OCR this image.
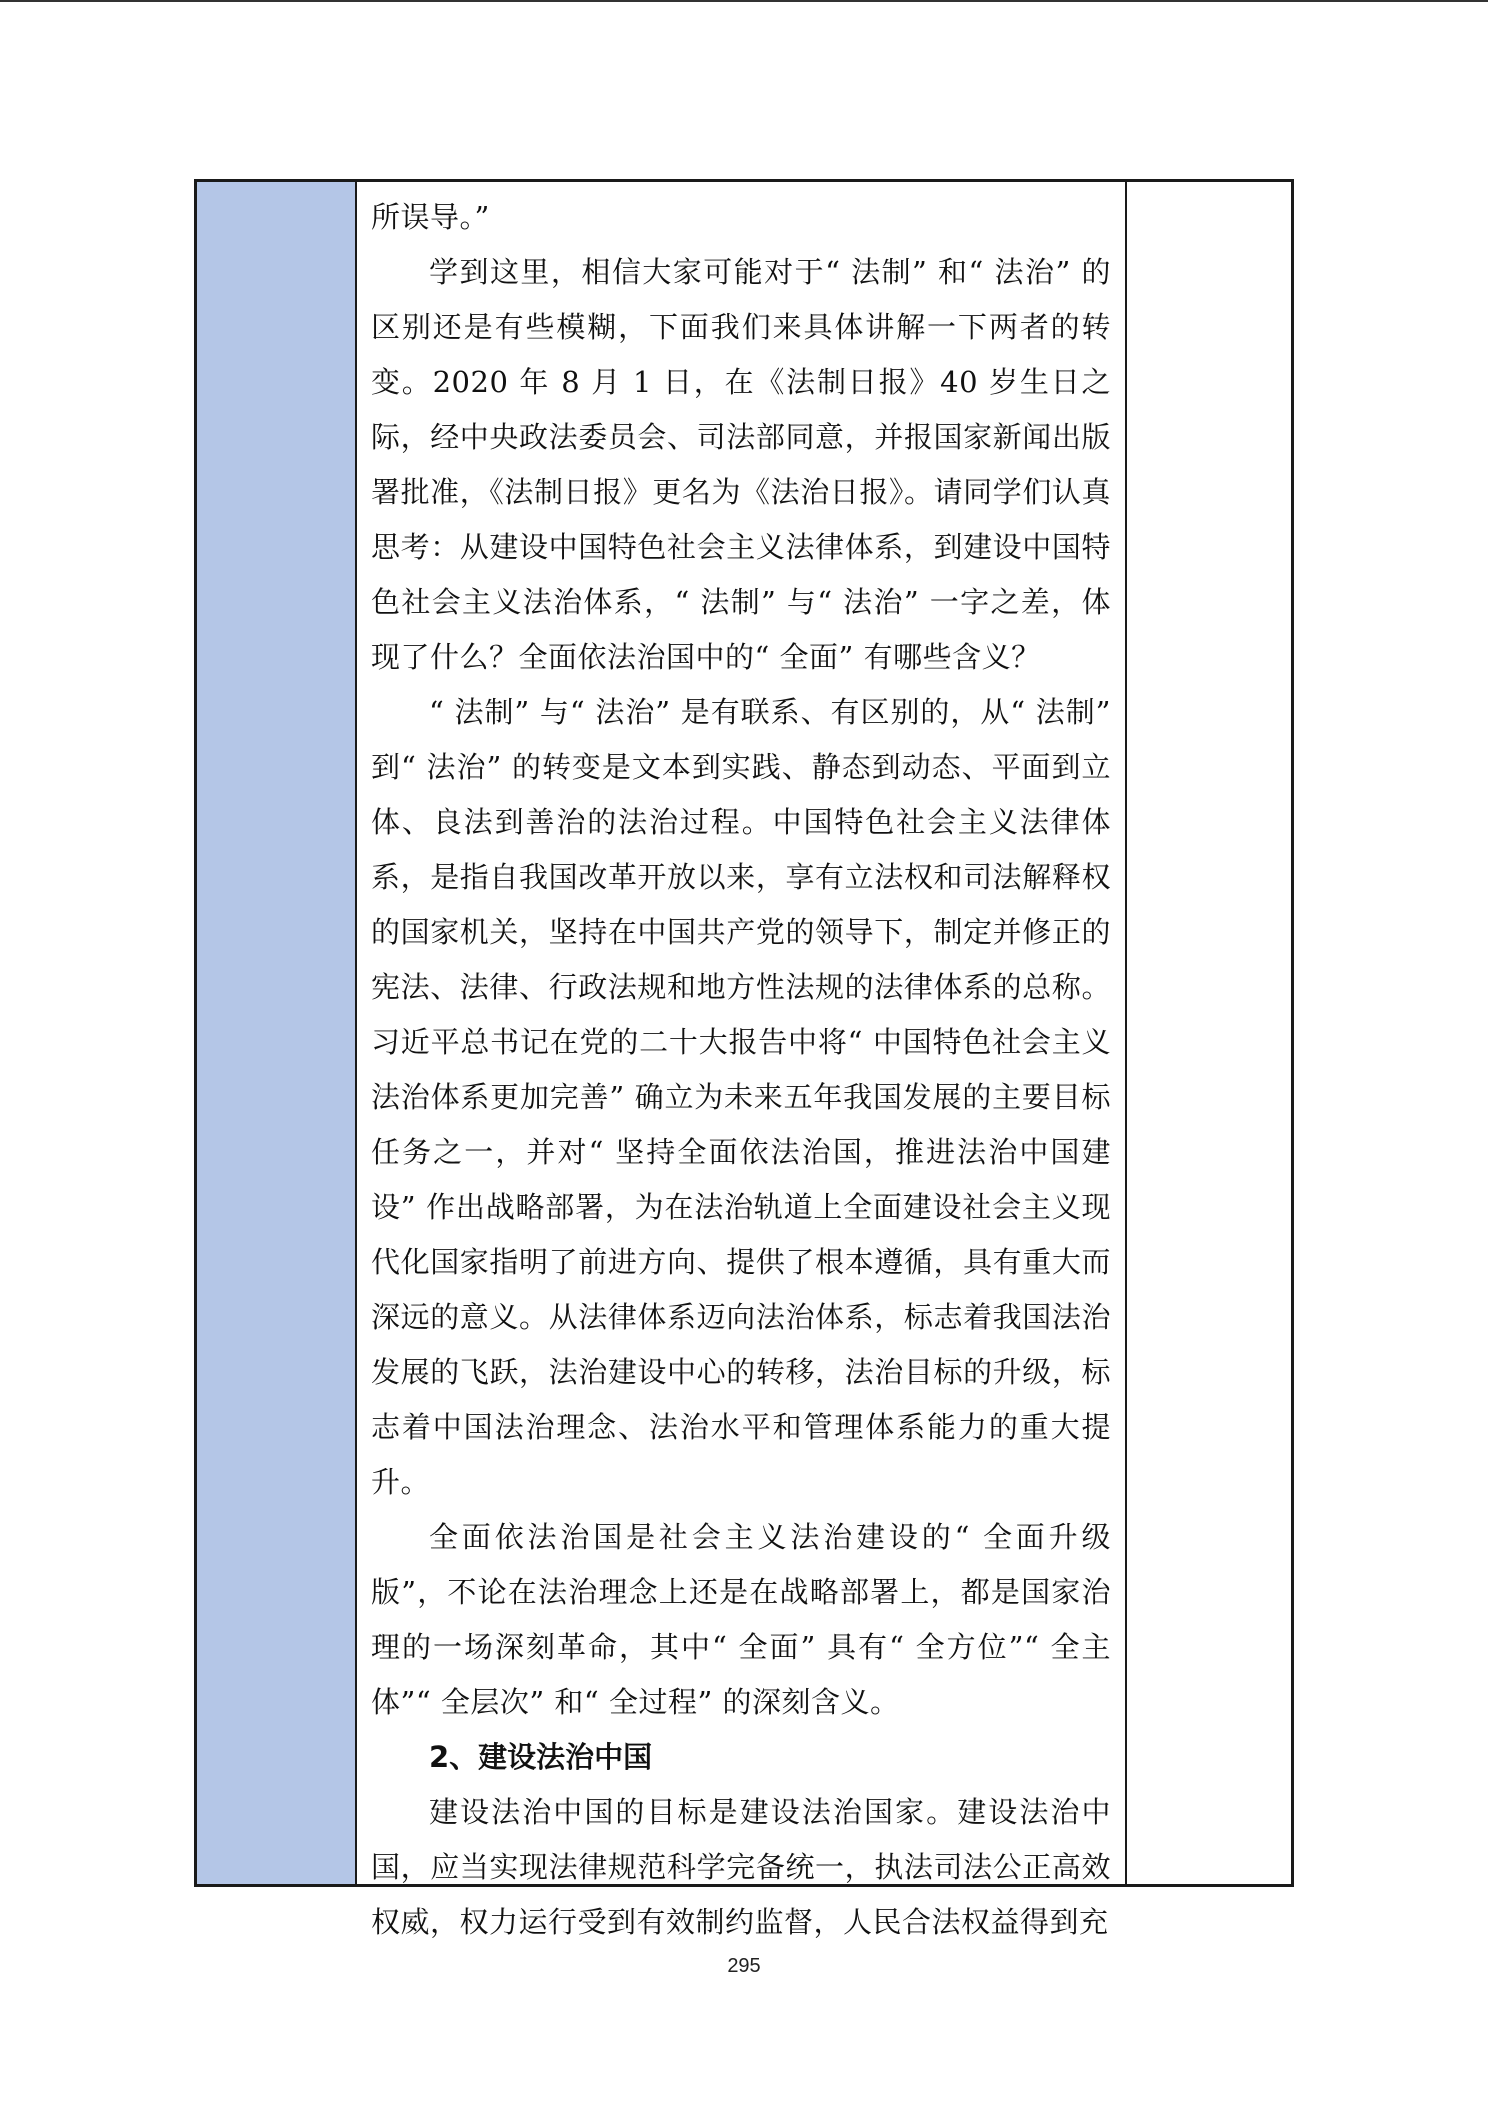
所误导。”

学到这里，相信大家可能对于“ 法制” 和“ 法治” 的区别还是有些模糊，下面我们来具体讲解一下两者的转变。2020 年 8 月 1 日，在《法制日报》40 岁生日之际，经中央政法委员会、司法部同意，并报国家新闻出版署批准，《法制日报》更名为《法治日报》。请同学们认真思考：从建设中国特色社会主义法律体系，到建设中国特色社会主义法治体系，“ 法制” 与“ 法治” 一字之差，体现了什么？全面依法治国中的“ 全面” 有哪些含义？

“ 法制” 与“ 法治” 是有联系、有区别的，从“ 法制” 到“ 法治” 的转变是文本到实践、静态到动态、平面到立体、良法到善治的法治过程。中国特色社会主义法律体系，是指自我国改革开放以来，享有立法权和司法解释权的国家机关，坚持在中国共产党的领导下，制定并修正的宪法、法律、行政法规和地方性法规的法律体系的总称。习近平总书记在党的二十大报告中将“ 中国特色社会主义法治体系更加完善” 确立为未来五年我国发展的主要目标任务之一，并对“ 坚持全面依法治国，推进法治中国建设” 作出战略部署，为在法治轨道上全面建设社会主义现代化国家指明了前进方向、提供了根本遵循，具有重大而深远的意义。从法律体系迈向法治体系，标志着我国法治发展的飞跃，法治建设中心的转移，法治目标的升级，标志着中国法治理念、法治水平和管理体系能力的重大提升。

全面依法治国是社会主义法治建设的“ 全面升级版”，不论在法治理念上还是在战略部署上，都是国家治理的一场深刻革命，其中“ 全面” 具有“ 全方位”“ 全主体”“ 全层次” 和“ 全过程” 的深刻含义。

2、建设法治中国

建设法治中国的目标是建设法治国家。建设法治中国，应当实现法律规范科学完备统一，执法司法公正高效权威，权力运行受到有效制约监督，人民合法权益得到充

295
